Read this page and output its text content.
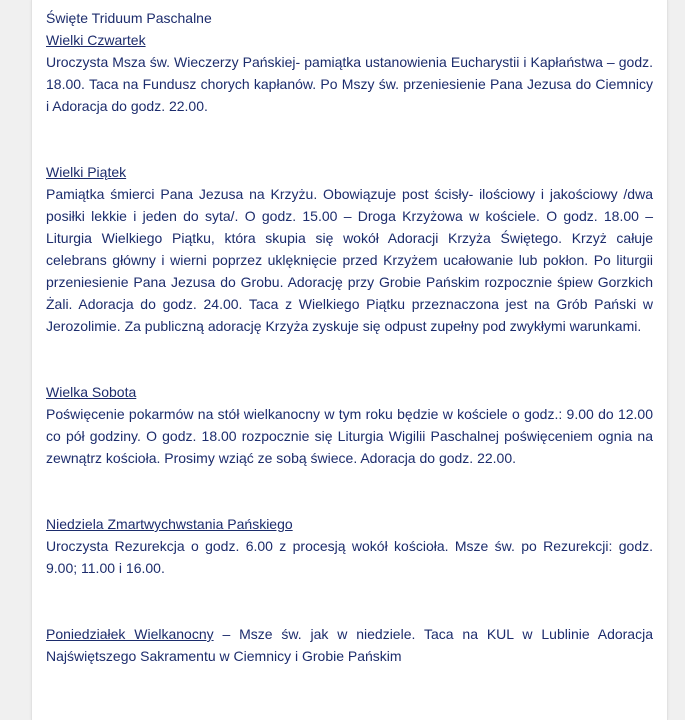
Święte Triduum Paschalne
Wielki Czwartek

Uroczysta Msza św. Wieczerzy Pańskiej- pamiątka ustanowienia Eucharystii i Kapłaństwa – godz. 18.00. Taca na Fundusz chorych kapłanów. Po Mszy św. przeniesienie Pana Jezusa do Ciemnicy i Adoracja do godz. 22.00.

Wielki Piątek

Pamiątka śmierci Pana Jezusa na Krzyżu. Obowiązuje post ścisły- ilościowy i jakościowy /dwa posiłki lekkie i jeden do syta/. O godz. 15.00 – Droga Krzyżowa w kościele. O godz. 18.00 – Liturgia Wielkiego Piątku, która skupia się wokół Adoracji Krzyża Świętego. Krzyż całuje celebrans główny i wierni poprzez uklęknięcie przed Krzyżem ucałowanie lub pokłon. Po liturgii przeniesienie Pana Jezusa do Grobu. Adorację przy Grobie Pańskim rozpocznie śpiew Gorzkich Żali. Adoracja do godz. 24.00. Taca z Wielkiego Piątku przeznaczona jest na Grób Pański w Jerozolimie. Za publiczną adorację Krzyża zyskuje się odpust zupełny pod zwykłymi warunkami.

Wielka Sobota

Poświęcenie pokarmów na stół wielkanocny w tym roku będzie w kościele o godz.: 9.00 do 12.00 co pół godziny. O godz. 18.00 rozpocznie się Liturgia Wigilii Paschalnej poświęceniem ognia na zewnątrz kościoła. Prosimy wziąć ze sobą świece. Adoracja do godz. 22.00.

Niedziela Zmartwychwstania Pańskiego

Uroczysta Rezurekcja o godz. 6.00 z procesją wokół kościoła. Msze św. po Rezurekcji: godz. 9.00; 11.00 i 16.00.

Poniedziałek Wielkanocny – Msze św. jak w niedziele. Taca na KUL w Lublinie Adoracja Najświętszego Sakramentu w Ciemnicy i Grobie Pańskim
